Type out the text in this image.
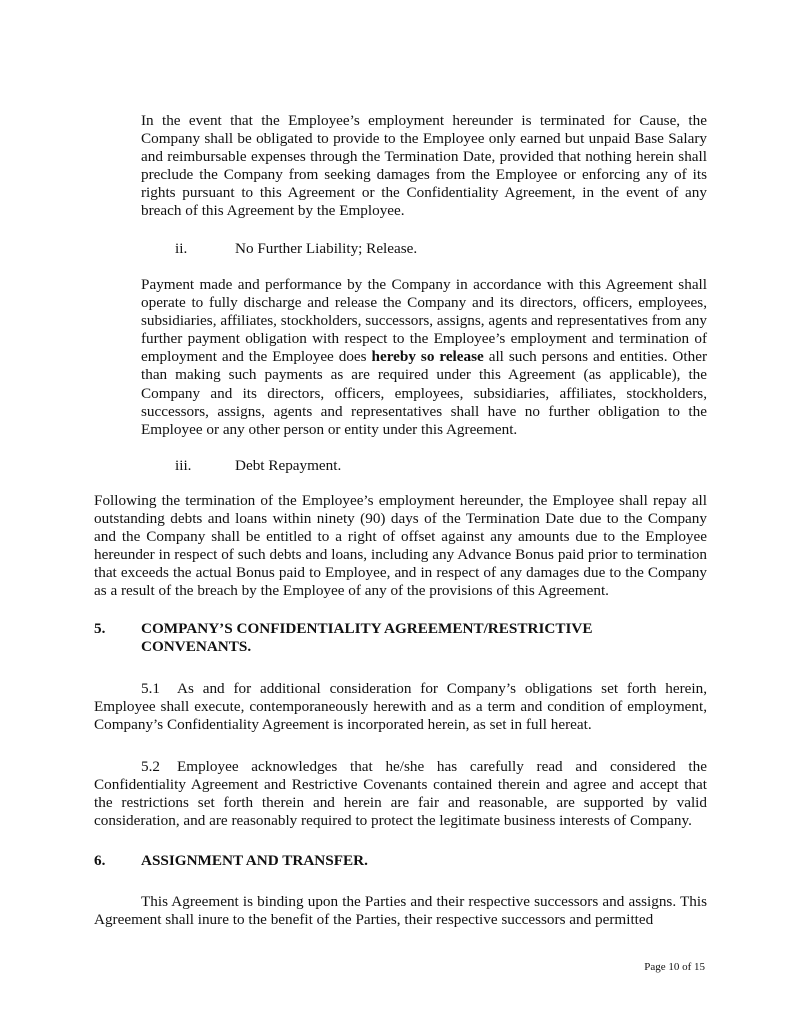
In the event that the Employee’s employment hereunder is terminated for Cause, the Company shall be obligated to provide to the Employee only earned but unpaid Base Salary and reimbursable expenses through the Termination Date, provided that nothing herein shall preclude the Company from seeking damages from the Employee or enforcing any of its rights pursuant to this Agreement or the Confidentiality Agreement, in the event of any breach of this Agreement by the Employee.

ii.	No Further Liability; Release.

Payment made and performance by the Company in accordance with this Agreement shall operate to fully discharge and release the Company and its directors, officers, employees, subsidiaries, affiliates, stockholders, successors, assigns, agents and representatives from any further payment obligation with respect to the Employee’s employment and termination of employment and the Employee does hereby so release all such persons and entities. Other than making such payments as are required under this Agreement (as applicable), the Company and its directors, officers, employees, subsidiaries, affiliates, stockholders, successors, assigns, agents and representatives shall have no further obligation to the Employee or any other person or entity under this Agreement.

iii.	Debt Repayment.

Following the termination of the Employee’s employment hereunder, the Employee shall repay all outstanding debts and loans within ninety (90) days of the Termination Date due to the Company and the Company shall be entitled to a right of offset against any amounts due to the Employee hereunder in respect of such debts and loans, including any Advance Bonus paid prior to termination that exceeds the actual Bonus paid to Employee, and in respect of any damages due to the Company as a result of the breach by the Employee of any of the provisions of this Agreement.

5. COMPANY’S CONFIDENTIALITY AGREEMENT/RESTRICTIVE CONVENANTS.

5.1 As and for additional consideration for Company’s obligations set forth herein, Employee shall execute, contemporaneously herewith and as a term and condition of employment, Company’s Confidentiality Agreement is incorporated herein, as set in full hereat.

5.2 Employee acknowledges that he/she has carefully read and considered the Confidentiality Agreement and Restrictive Covenants contained therein and agree and accept that the restrictions set forth therein and herein are fair and reasonable, are supported by valid consideration, and are reasonably required to protect the legitimate business interests of Company.

6. ASSIGNMENT AND TRANSFER.

This Agreement is binding upon the Parties and their respective successors and assigns. This Agreement shall inure to the benefit of the Parties, their respective successors and permitted

Page 10 of 15
